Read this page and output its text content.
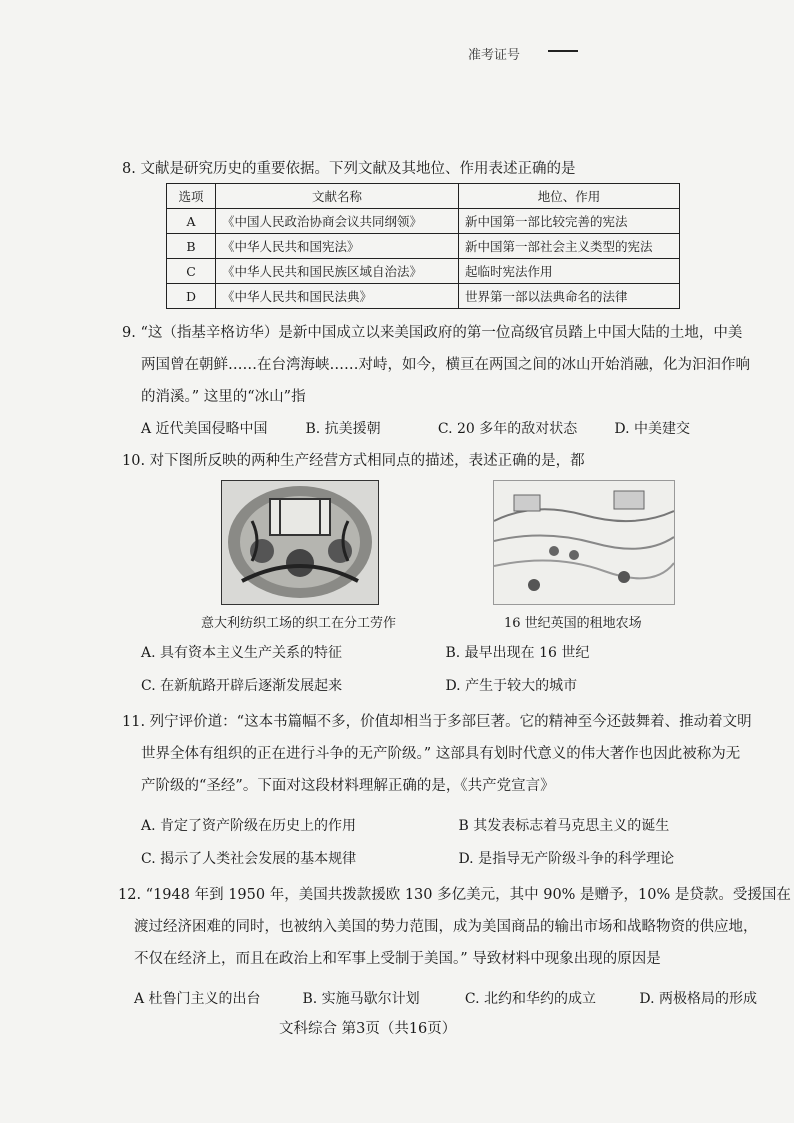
准考证号
8. 文献是研究历史的重要依据。下列文献及其地位、作用表述正确的是
选项	文献名称	地位、作用
A	《中国人民政治协商会议共同纲领》	新中国第一部比较完善的宪法
B	《中华人民共和国宪法》	新中国第一部社会主义类型的宪法
C	《中华人民共和国民族区域自治法》	起临时宪法作用
D	《中华人民共和国民法典》	世界第一部以法典命名的法律
9. “这（指基辛格访华）是新中国成立以来美国政府的第一位高级官员踏上中国大陆的土地，中美
两国曾在朝鲜……在台湾海峡……对峙，如今，横亘在两国之间的冰山开始消融，化为汩汩作响
的消溪。” 这里的“冰山”指
A 近代美国侵略中国	B. 抗美援朝	C. 20 多年的敌对状态	D. 中美建交
10. 对下图所反映的两种生产经营方式相同点的描述，表述正确的是，都
意大利纺织工场的织工在分工劳作	16 世纪英国的租地农场
A. 具有资本主义生产关系的特征	B. 最早出现在 16 世纪
C. 在新航路开辟后逐渐发展起来	D. 产生于较大的城市
11. 列宁评价道：“这本书篇幅不多，价值却相当于多部巨著。它的精神至今还鼓舞着、推动着文明
世界全体有组织的正在进行斗争的无产阶级。” 这部具有划时代意义的伟大著作也因此被称为无
产阶级的“圣经”。下面对这段材料理解正确的是，《共产党宣言》
A. 肯定了资产阶级在历史上的作用	B 其发表标志着马克思主义的诞生
C. 揭示了人类社会发展的基本规律	D. 是指导无产阶级斗争的科学理论
12. “1948 年到 1950 年，美国共拨款援欧 130 多亿美元，其中 90% 是赠予，10% 是贷款。受援国在
渡过经济困难的同时，也被纳入美国的势力范围，成为美国商品的输出市场和战略物资的供应地，
不仅在经济上，而且在政治上和军事上受制于美国。” 导致材料中现象出现的原因是
A 杜鲁门主义的出台	B. 实施马歇尔计划	C. 北约和华约的成立	D. 两极格局的形成
文科综合 第3页（共16页）
